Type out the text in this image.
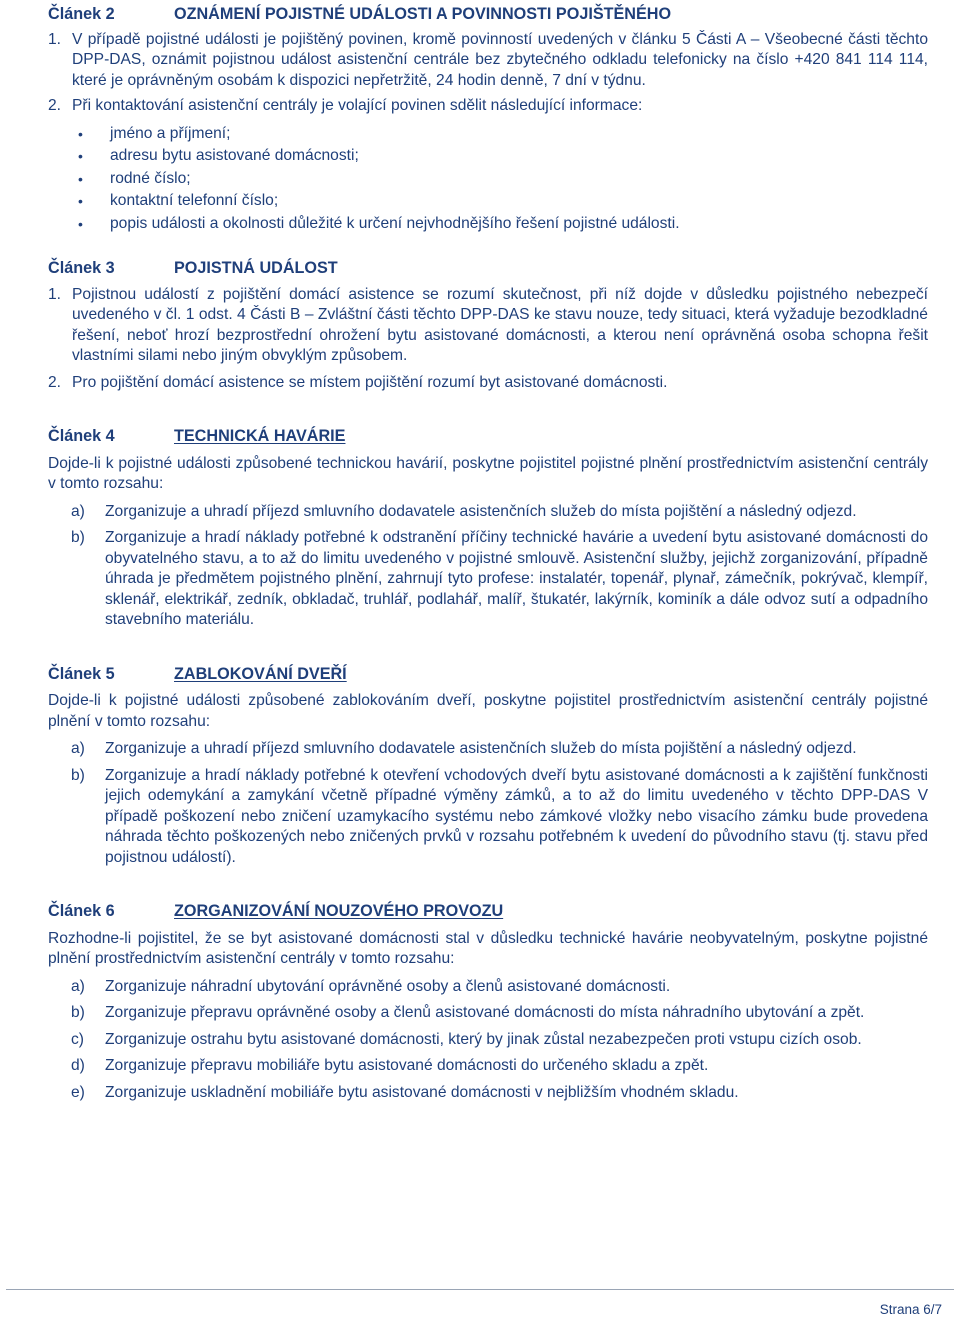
Článek 2	OZNÁMENÍ POJISTNÉ UDÁLOSTI A POVINNOSTI POJIŠTĚNÉHO
1. V případě pojistné události je pojištěný povinen, kromě povinností uvedených v článku 5 Části A – Všeobecné části těchto DPP-DAS, oznámit pojistnou událost asistenční centrále bez zbytečného odkladu telefonicky na číslo +420 841 114 114, které je oprávněným osobám k dispozici nepřetržitě, 24 hodin denně, 7 dní v týdnu.
2. Při kontaktování asistenční centrály je volající povinen sdělit následující informace:
• jméno a příjmení;
• adresu bytu asistované domácnosti;
• rodné číslo;
• kontaktní telefonní číslo;
• popis události a okolnosti důležité k určení nejvhodnějšího řešení pojistné události.
Článek 3	POJISTNÁ UDÁLOST
1. Pojistnou událostí z pojištění domácí asistence se rozumí skutečnost, při níž dojde v důsledku pojistného nebezpečí uvedeného v čl. 1 odst. 4 Části B – Zvláštní části těchto DPP-DAS ke stavu nouze, tedy situaci, která vyžaduje bezodkladné řešení, neboť hrozí bezprostřední ohrožení bytu asistované domácnosti, a kterou není oprávněná osoba schopna řešit vlastními silami nebo jiným obvyklým způsobem.
2. Pro pojištění domácí asistence se místem pojištění rozumí byt asistované domácnosti.
Článek 4	TECHNICKÁ HAVÁRIE
Dojde-li k pojistné události způsobené technickou havárií, poskytne pojistitel pojistné plnění prostřednictvím asistenční centrály v tomto rozsahu:
a)	Zorganizuje a uhradí příjezd smluvního dodavatele asistenčních služeb do místa pojištění a následný odjezd.
b)	Zorganizuje a hradí náklady potřebné k odstranění příčiny technické havárie a uvedení bytu asistované domácnosti do obyvatelného stavu, a to až do limitu uvedeného v pojistné smlouvě. Asistenční služby, jejichž zorganizování, případně úhrada je předmětem pojistného plnění, zahrnují tyto profese: instalatér, topenář, plynař, zámečník, pokrývač, klempíř, sklenář, elektrikář, zedník, obkladač, truhlář, podlahář, malíř, štukatér, lakýrník, kominík a dále odvoz sutí a odpadního stavebního materiálu.
Článek 5	ZABLOKOVÁNÍ DVEŘÍ
Dojde-li k pojistné události způsobené zablokováním dveří, poskytne pojistitel prostřednictvím asistenční centrály pojistné plnění v tomto rozsahu:
a)	Zorganizuje a uhradí příjezd smluvního dodavatele asistenčních služeb do místa pojištění a následný odjezd.
b)	Zorganizuje a hradí náklady potřebné k otevření vchodových dveří bytu asistované domácnosti a k zajištění funkčnosti jejich odemykání a zamykání včetně případné výměny zámků, a to až do limitu uvedeného v těchto DPP-DAS V případě poškození nebo zničení uzamykacího systému nebo zámkové vložky nebo visacího zámku bude provedena náhrada těchto poškozených nebo zničených prvků v rozsahu potřebném k uvedení do původního stavu (tj. stavu před pojistnou událostí).
Článek 6	ZORGANIZOVÁNÍ NOUZOVÉHO PROVOZU
Rozhodne-li pojistitel, že se byt asistované domácnosti stal v důsledku technické havárie neobyvatelným, poskytne pojistné plnění prostřednictvím asistenční centrály v tomto rozsahu:
a)	Zorganizuje náhradní ubytování oprávněné osoby a členů asistované domácnosti.
b)	Zorganizuje přepravu oprávněné osoby a členů asistované domácnosti do místa náhradního ubytování a zpět.
c)	Zorganizuje ostrahu bytu asistované domácnosti, který by jinak zůstal nezabezpečen proti vstupu cizích osob.
d)	Zorganizuje přepravu mobiliáře bytu asistované domácnosti do určeného skladu a zpět.
e)	Zorganizuje uskladnění mobiliáře bytu asistované domácnosti v nejbližším vhodném skladu.
Strana 6/7
